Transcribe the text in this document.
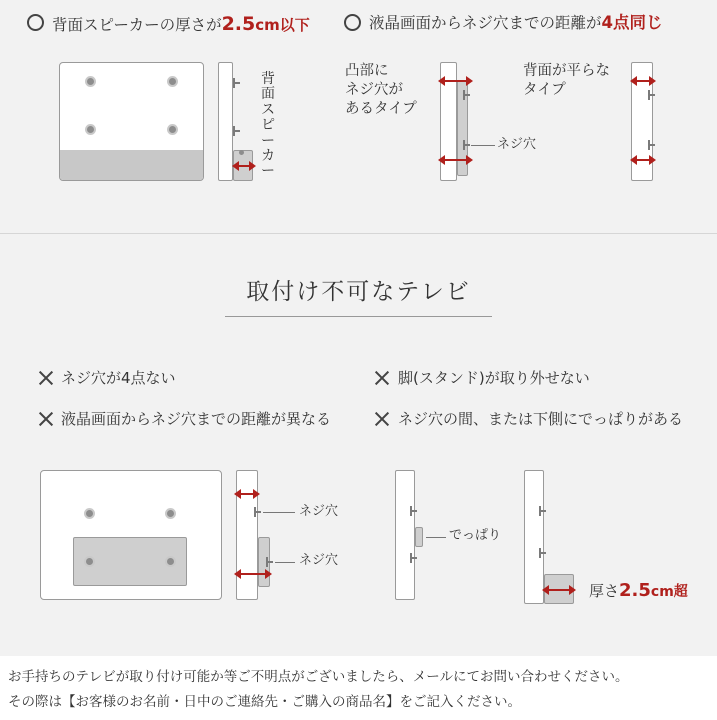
背面スピーカーの厚さが2.5cm以下	液晶画面からネジ穴までの距離が4点同じ
背面スピーカー
凸部に
ネジ穴が
あるタイプ
ネジ穴
背面が平らな
タイプ
取付け不可なテレビ
ネジ穴が4点ない
液晶画面からネジ穴までの距離が異なる
脚(スタンド)が取り外せない
ネジ穴の間、または下側にでっぱりがある
ネジ穴
ネジ穴
でっぱり
厚さ2.5cm超
お手持ちのテレビが取り付け可能か等ご不明点がございましたら、メールにてお問い合わせください。
その際は【お客様のお名前・日中のご連絡先・ご購入の商品名】をご記入ください。
